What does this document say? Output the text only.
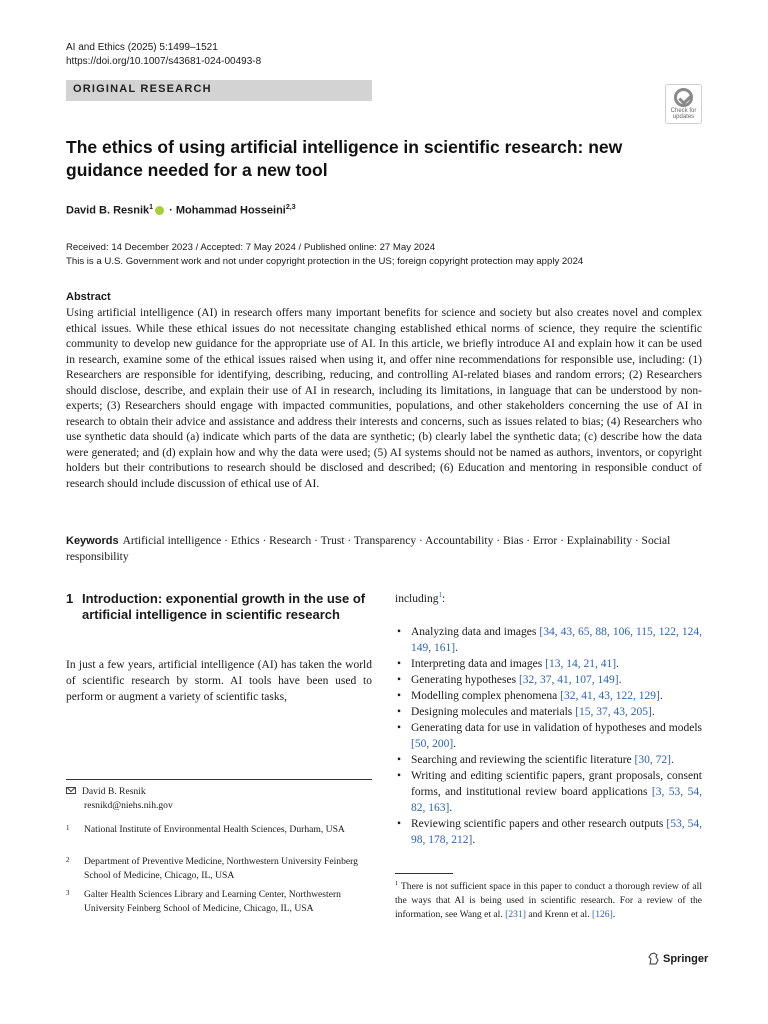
AI and Ethics (2025) 5:1499–1521
https://doi.org/10.1007/s43681-024-00493-8
ORIGINAL RESEARCH
Check for
updates
The ethics of using artificial intelligence in scientific research: new guidance needed for a new tool
David B. Resnik$^1$ · Mohammad Hosseini$^{2,3}$
Received: 14 December 2023 / Accepted: 7 May 2024 / Published online: 27 May 2024
This is a U.S. Government work and not under copyright protection in the US; foreign copyright protection may apply 2024
Abstract

Using artificial intelligence (AI) in research offers many important benefits for science and society but also creates novel and complex ethical issues. While these ethical issues do not necessitate changing established ethical norms of science, they require the scientific community to develop new guidance for the appropriate use of AI. In this article, we briefly introduce AI and explain how it can be used in research, examine some of the ethical issues raised when using it, and offer nine recommendations for responsible use, including: (1) Researchers are responsible for identifying, describing, reducing, and controlling AI-related biases and random errors; (2) Researchers should disclose, describe, and explain their use of AI in research, including its limitations, in language that can be understood by non-experts; (3) Researchers should engage with impacted communities, populations, and other stakeholders concerning the use of AI in research to obtain their advice and assistance and address their interests and concerns, such as issues related to bias; (4) Researchers who use synthetic data should (a) indicate which parts of the data are synthetic; (b) clearly label the synthetic data; (c) describe how the data were generated; and (d) explain how and why the data were used; (5) AI systems should not be named as authors, inventors, or copyright holders but their contributions to research should be disclosed and described; (6) Education and mentoring in responsible conduct of research should include discussion of ethical use of AI.

Keywords Artificial intelligence · Ethics · Research · Trust · Transparency · Accountability · Bias · Error · Explainability · Social responsibility
1 Introduction: exponential growth in the use of artificial intelligence in scientific research

In just a few years, artificial intelligence (AI) has taken the world of scientific research by storm. AI tools have been used to perform or augment a variety of scientific tasks,

David B. Resnik
resnikd@niehs.nih.gov
1	National Institute of Environmental Health Sciences, Durham, USA
2	Department of Preventive Medicine, Northwestern University Feinberg School of Medicine, Chicago, IL, USA
3	Galter Health Sciences Library and Learning Center, Northwestern University Feinberg School of Medicine, Chicago, IL, USA
including$^1$:
• Analyzing data and images [34, 43, 65, 88, 106, 115, 122, 124, 149, 161].
• Interpreting data and images [13, 14, 21, 41].
• Generating hypotheses [32, 37, 41, 107, 149].
• Modelling complex phenomena [32, 41, 43, 122, 129].
• Designing molecules and materials [15, 37, 43, 205].
• Generating data for use in validation of hypotheses and models [50, 200].
• Searching and reviewing the scientific literature [30, 72].
• Writing and editing scientific papers, grant proposals, consent forms, and institutional review board applications [3, 53, 54, 82, 163].
• Reviewing scientific papers and other research outputs [53, 54, 98, 178, 212].

$^1$ There is not sufficient space in this paper to conduct a thorough review of all the ways that AI is being used in scientific research. For a review of the information, see Wang et al. [231] and Krenn et al. [126].

Springer
